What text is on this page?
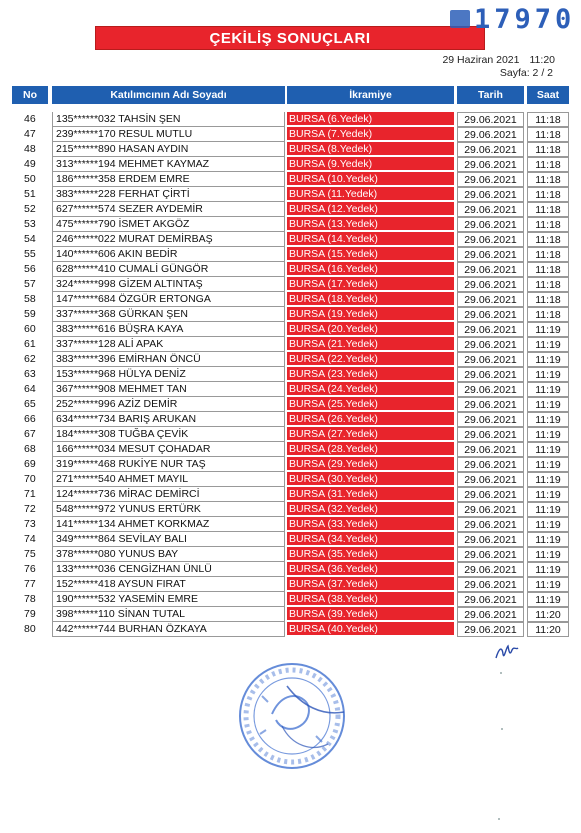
ÇEKİLİŞ SONUÇLARI
17970
29 Haziran 2021 11:20
Sayfa: 2 / 2
No	Katılımcının Adı Soyadı	İkramiye	Tarih	Saat
46	135******032 TAHSİN ŞEN	BURSA (6.Yedek)	29.06.2021	11:18
47	239******170 RESUL MUTLU	BURSA (7.Yedek)	29.06.2021	11:18
48	215******890 HASAN AYDIN	BURSA (8.Yedek)	29.06.2021	11:18
49	313******194 MEHMET KAYMAZ	BURSA (9.Yedek)	29.06.2021	11:18
50	186******358 ERDEM EMRE	BURSA (10.Yedek)	29.06.2021	11:18
51	383******228 FERHAT ÇİRTİ	BURSA (11.Yedek)	29.06.2021	11:18
52	627******574 SEZER AYDEMİR	BURSA (12.Yedek)	29.06.2021	11:18
53	475******790 İSMET AKGÖZ	BURSA (13.Yedek)	29.06.2021	11:18
54	246******022 MURAT DEMİRBAŞ	BURSA (14.Yedek)	29.06.2021	11:18
55	140******606 AKIN BEDİR	BURSA (15.Yedek)	29.06.2021	11:18
56	628******410 CUMALİ GÜNGÖR	BURSA (16.Yedek)	29.06.2021	11:18
57	324******998 GİZEM ALTINTAŞ	BURSA (17.Yedek)	29.06.2021	11:18
58	147******684 ÖZGÜR ERTONGA	BURSA (18.Yedek)	29.06.2021	11:18
59	337******368 GÜRKAN ŞEN	BURSA (19.Yedek)	29.06.2021	11:18
60	383******616 BÜŞRA KAYA	BURSA (20.Yedek)	29.06.2021	11:19
61	337******128 ALİ APAK	BURSA (21.Yedek)	29.06.2021	11:19
62	383******396 EMİRHAN ÖNCÜ	BURSA (22.Yedek)	29.06.2021	11:19
63	153******968 HÜLYA DENİZ	BURSA (23.Yedek)	29.06.2021	11:19
64	367******908 MEHMET TAN	BURSA (24.Yedek)	29.06.2021	11:19
65	252******996 AZİZ DEMİR	BURSA (25.Yedek)	29.06.2021	11:19
66	634******734 BARIŞ ARUKAN	BURSA (26.Yedek)	29.06.2021	11:19
67	184******308 TUĞBA ÇEVİK	BURSA (27.Yedek)	29.06.2021	11:19
68	166******034 MESUT ÇOHADAR	BURSA (28.Yedek)	29.06.2021	11:19
69	319******468 RUKİYE NUR TAŞ	BURSA (29.Yedek)	29.06.2021	11:19
70	271******540 AHMET MAYIL	BURSA (30.Yedek)	29.06.2021	11:19
71	124******736 MİRAC DEMİRCİ	BURSA (31.Yedek)	29.06.2021	11:19
72	548******972 YUNUS ERTÜRK	BURSA (32.Yedek)	29.06.2021	11:19
73	141******134 AHMET KORKMAZ	BURSA (33.Yedek)	29.06.2021	11:19
74	349******864 SEVİLAY BALI	BURSA (34.Yedek)	29.06.2021	11:19
75	378******080 YUNUS BAY	BURSA (35.Yedek)	29.06.2021	11:19
76	133******036 CENGİZHAN ÜNLÜ	BURSA (36.Yedek)	29.06.2021	11:19
77	152******418 AYSUN FIRAT	BURSA (37.Yedek)	29.06.2021	11:19
78	190******532 YASEMİN EMRE	BURSA (38.Yedek)	29.06.2021	11:19
79	398******110 SİNAN TUTAL	BURSA (39.Yedek)	29.06.2021	11:20
80	442******744 BURHAN ÖZKAYA	BURSA (40.Yedek)	29.06.2021	11:20
